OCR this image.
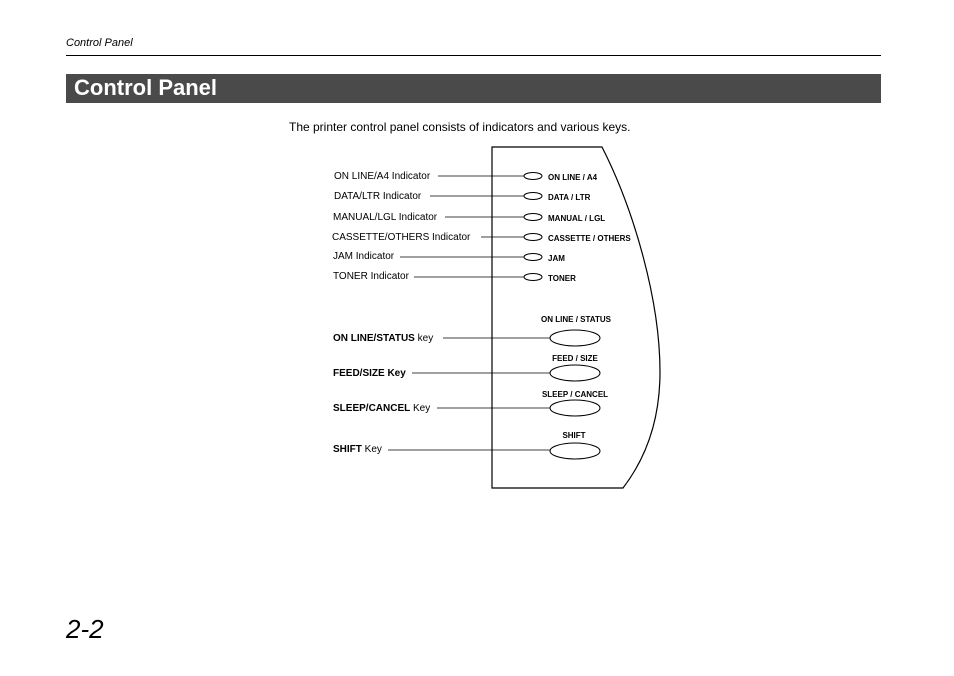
Control Panel
Control Panel
The printer control panel consists of indicators and various keys.
ON LINE/A4 Indicator	ON LINE / A4
DATA/LTR Indicator	DATA / LTR
MANUAL/LGL Indicator	MANUAL / LGL
CASSETTE/OTHERS Indicator	CASSETTE / OTHERS
JAM Indicator	JAM
TONER Indicator	TONER
ON LINE/STATUS key
ON LINE / STATUS
FEED/SIZE Key
FEED / SIZE
SLEEP/CANCEL Key
SLEEP / CANCEL
SHIFT Key
SHIFT
2-2
